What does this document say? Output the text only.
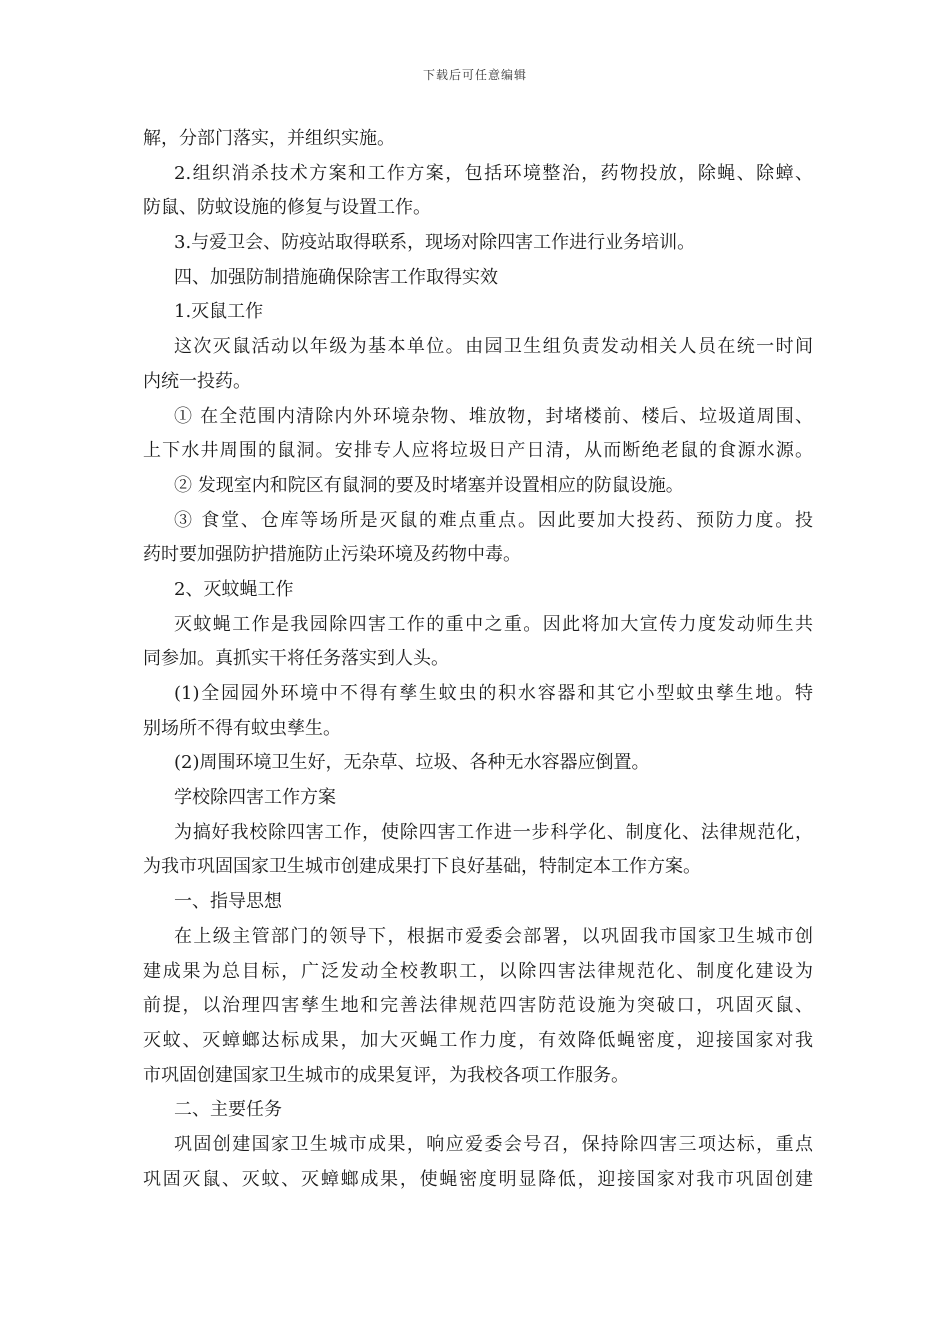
下载后可任意编辑

解，分部门落实，并组织实施。

2.组织消杀技术方案和工作方案，包括环境整治，药物投放，除蝇、除蟑、

防鼠、防蚊设施的修复与设置工作。

3.与爱卫会、防疫站取得联系，现场对除四害工作进行业务培训。

四、加强防制措施确保除害工作取得实效

1.灭鼠工作

这次灭鼠活动以年级为基本单位。由园卫生组负责发动相关人员在统一时间

内统一投药。

① 在全范围内清除内外环境杂物、堆放物，封堵楼前、楼后、垃圾道周围、

上下水井周围的鼠洞。安排专人应将垃圾日产日清，从而断绝老鼠的食源水源。

② 发现室内和院区有鼠洞的要及时堵塞并设置相应的防鼠设施。

③ 食堂、仓库等场所是灭鼠的难点重点。因此要加大投药、预防力度。投

药时要加强防护措施防止污染环境及药物中毒。

2、灭蚊蝇工作

灭蚊蝇工作是我园除四害工作的重中之重。因此将加大宣传力度发动师生共

同参加。真抓实干将任务落实到人头。

(1)全园园外环境中不得有孳生蚊虫的积水容器和其它小型蚊虫孳生地。特

别场所不得有蚊虫孳生。

(2)周围环境卫生好，无杂草、垃圾、各种无水容器应倒置。

学校除四害工作方案

为搞好我校除四害工作，使除四害工作进一步科学化、制度化、法律规范化，

为我市巩固国家卫生城市创建成果打下良好基础，特制定本工作方案。

一、指导思想

在上级主管部门的领导下，根据市爱委会部署，以巩固我市国家卫生城市创

建成果为总目标，广泛发动全校教职工，以除四害法律规范化、制度化建设为

前提，以治理四害孳生地和完善法律规范四害防范设施为突破口，巩固灭鼠、

灭蚊、灭蟑螂达标成果，加大灭蝇工作力度，有效降低蝇密度，迎接国家对我

市巩固创建国家卫生城市的成果复评，为我校各项工作服务。

二、主要任务

巩固创建国家卫生城市成果，响应爱委会号召，保持除四害三项达标，重点

巩固灭鼠、灭蚊、灭蟑螂成果，使蝇密度明显降低，迎接国家对我市巩固创建
